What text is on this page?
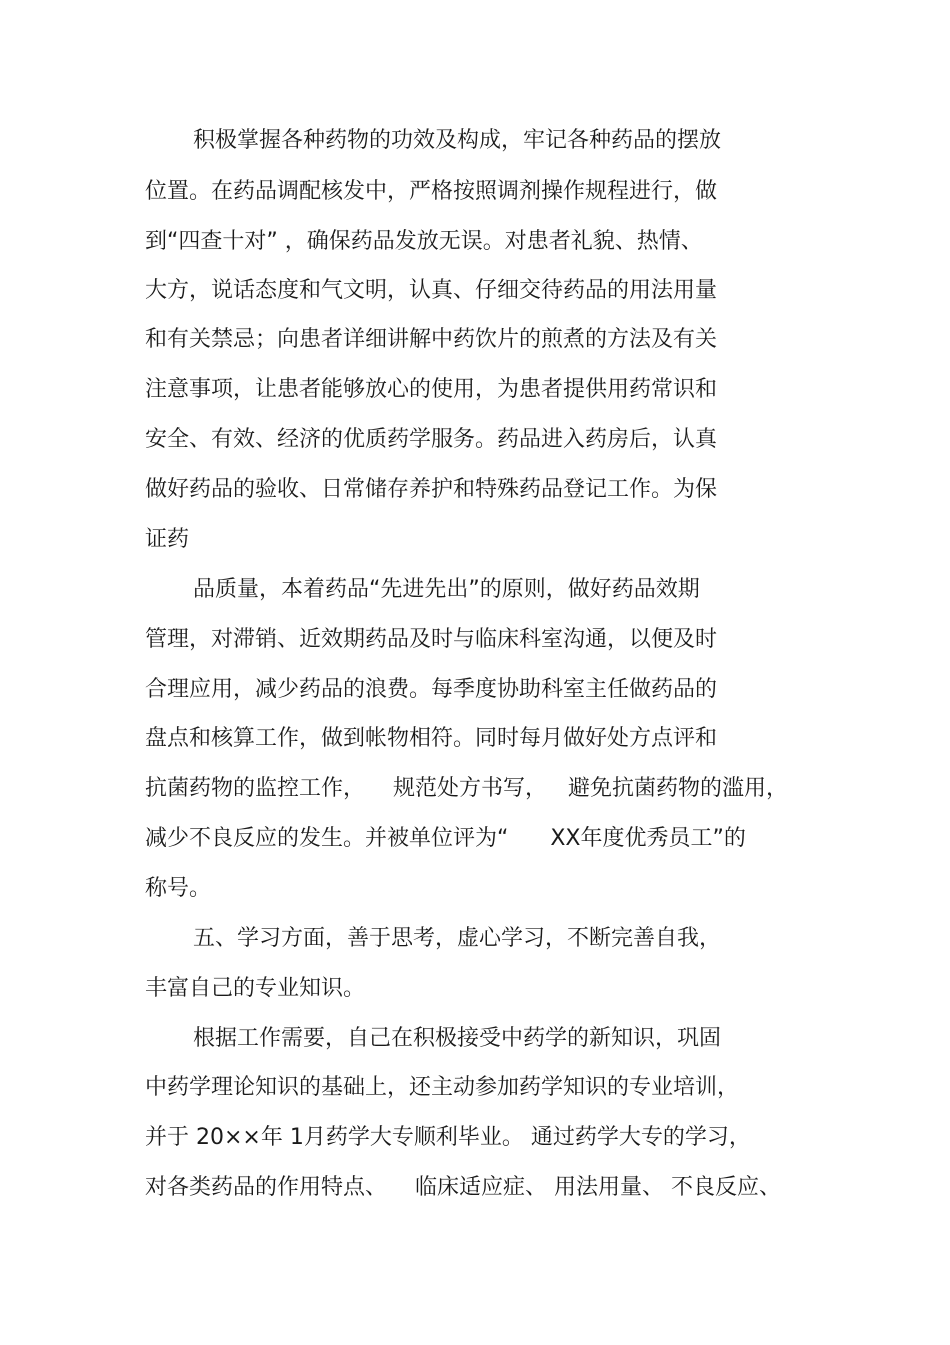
积极掌握各种药物的功效及构成，牢记各种药品的摆放
位置。在药品调配核发中，严格按照调剂操作规程进行，做
到“四查十对” ，确保药品发放无误。对患者礼貌、热情、
大方，说话态度和气文明，认真、仔细交待药品的用法用量
和有关禁忌；向患者详细讲解中药饮片的煎煮的方法及有关
注意事项，让患者能够放心的使用，为患者提供用药常识和
安全、有效、经济的优质药学服务。药品进入药房后，认真
做好药品的验收、日常储存养护和特殊药品登记工作。为保
证药
品质量，本着药品“先进先出”的原则，做好药品效期
管理，对滞销、近效期药品及时与临床科室沟通，以便及时
合理应用，减少药品的浪费。每季度协助科室主任做药品的
盘点和核算工作，做到帐物相符。同时每月做好处方点评和
抗菌药物的监控工作，    规范处方书写，   避免抗菌药物的滥用，
减少不良反应的发生。并被单位评为“      XX年度优秀员工”的
称号。
五、学习方面，善于思考，虚心学习，不断完善自我，
丰富自己的专业知识。
根据工作需要，自己在积极接受中药学的新知识，巩固
中药学理论知识的基础上，还主动参加药学知识的专业培训，
并于 20××年 1月药学大专顺利毕业。 通过药学大专的学习，
对各类药品的作用特点、    临床适应症、 用法用量、 不良反应、
